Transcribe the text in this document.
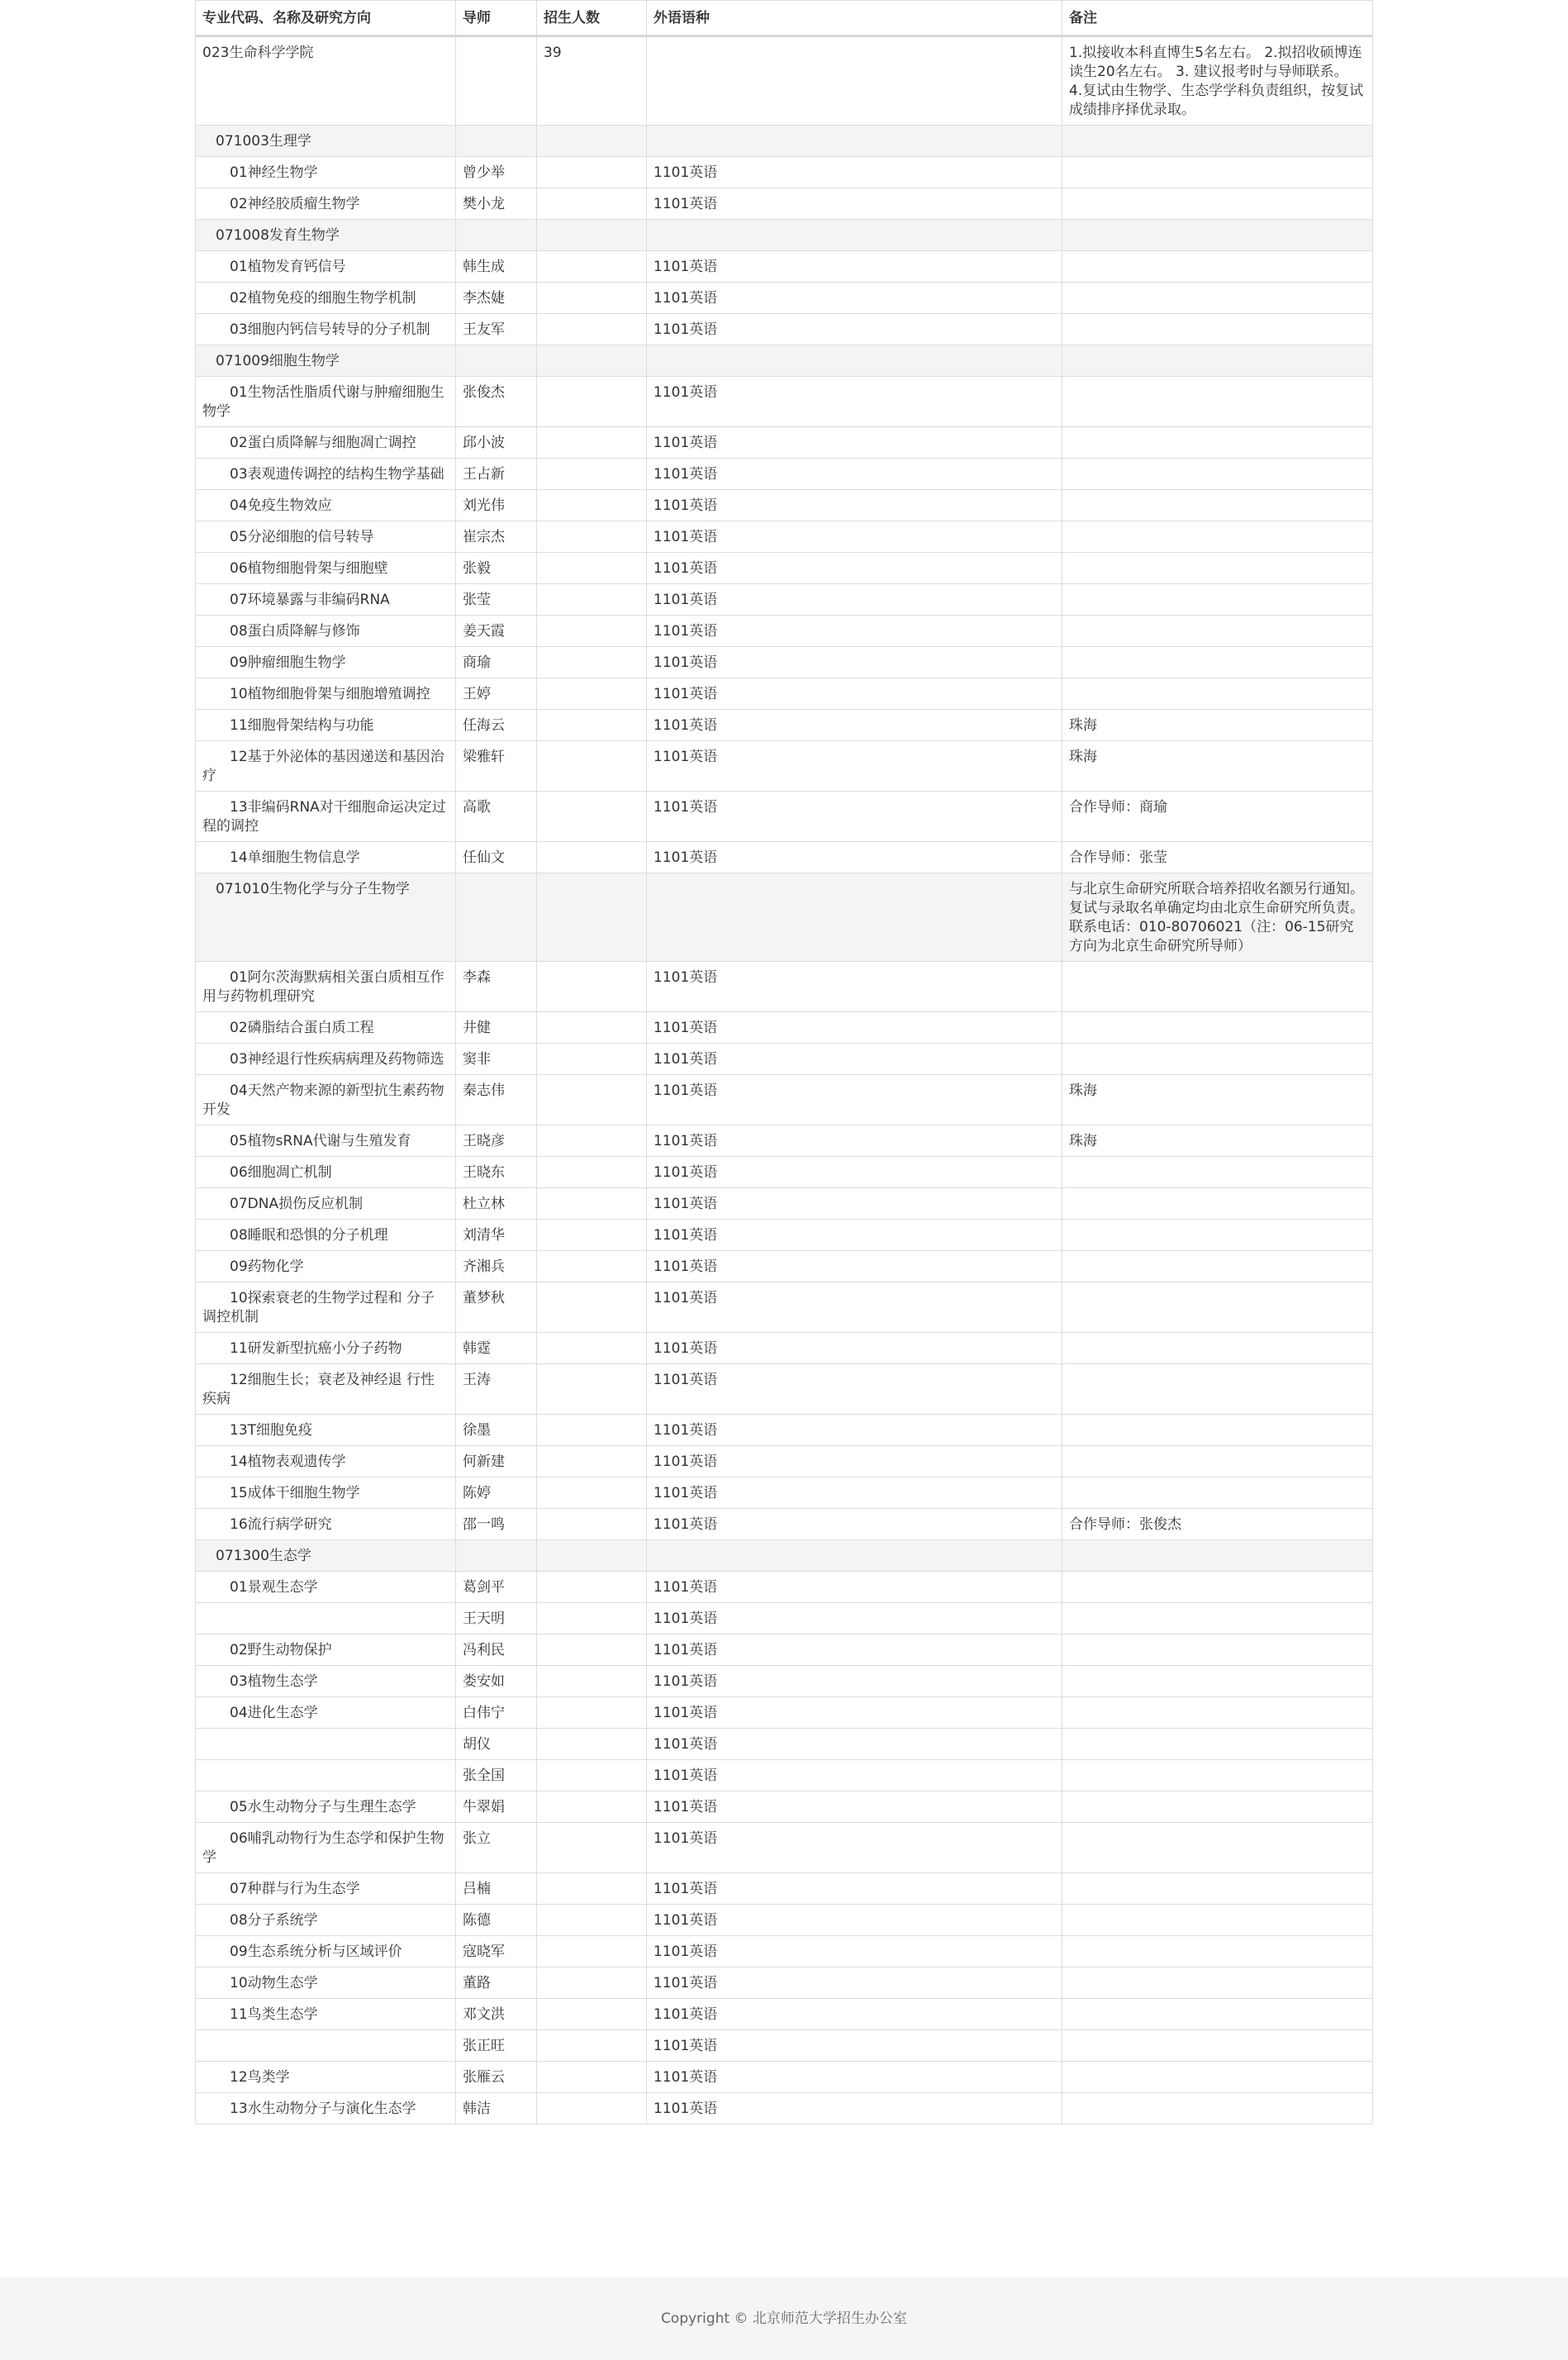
专业代码、名称及研究方向	导师	招生人数	外语语种	备注
023生命科学学院		39		1.拟接收本科直博生5名左右。 2.拟招收硕博连读生20名左右。 3. 建议报考时与导师联系。 4.复试由生物学、生态学学科负责组织，按复试成绩排序择优录取。
071003生理学				
01神经生物学	曾少举		1101英语	
02神经胶质瘤生物学	樊小龙		1101英语	
071008发育生物学				
01植物发育钙信号	韩生成		1101英语	
02植物免疫的细胞生物学机制	李杰婕		1101英语	
03细胞内钙信号转导的分子机制	王友军		1101英语	
071009细胞生物学				
01生物活性脂质代谢与肿瘤细胞生物学	张俊杰		1101英语	
02蛋白质降解与细胞凋亡调控	邱小波		1101英语	
03表观遗传调控的结构生物学基础	王占新		1101英语	
04免疫生物效应	刘光伟		1101英语	
05分泌细胞的信号转导	崔宗杰		1101英语	
06植物细胞骨架与细胞壁	张毅		1101英语	
07环境暴露与非编码RNA	张莹		1101英语	
08蛋白质降解与修饰	姜天霞		1101英语	
09肿瘤细胞生物学	商瑜		1101英语	
10植物细胞骨架与细胞增殖调控	王婷		1101英语	
11细胞骨架结构与功能	任海云		1101英语	珠海
12基于外泌体的基因递送和基因治疗	梁雅轩		1101英语	珠海
13非编码RNA对干细胞命运决定过程的调控	高歌		1101英语	合作导师：商瑜
14单细胞生物信息学	任仙文		1101英语	合作导师：张莹
071010生物化学与分子生物学				与北京生命研究所联合培养招收名额另行通知。复试与录取名单确定均由北京生命研究所负责。联系电话：010-80706021（注：06-15研究方向为北京生命研究所导师）
01阿尔茨海默病相关蛋白质相互作用与药物机理研究	李森		1101英语	
02磷脂结合蛋白质工程	井健		1101英语	
03神经退行性疾病病理及药物筛选	窦非		1101英语	
04天然产物来源的新型抗生素药物开发	秦志伟		1101英语	珠海
05植物sRNA代谢与生殖发育	王晓彦		1101英语	珠海
06细胞凋亡机制	王晓东		1101英语	
07DNA损伤反应机制	杜立林		1101英语	
08睡眠和恐惧的分子机理	刘清华		1101英语	
09药物化学	齐湘兵		1101英语	
10探索衰老的生物学过程和 分子调控机制	董梦秋		1101英语	
11研发新型抗癌小分子药物	韩霆		1101英语	
12细胞生长；衰老及神经退 行性疾病	王涛		1101英语	
13T细胞免疫	徐墨		1101英语	
14植物表观遗传学	何新建		1101英语	
15成体干细胞生物学	陈婷		1101英语	
16流行病学研究	邵一鸣		1101英语	合作导师：张俊杰
071300生态学				
01景观生态学	葛剑平		1101英语	
	王天明		1101英语	
02野生动物保护	冯利民		1101英语	
03植物生态学	娄安如		1101英语	
04进化生态学	白伟宁		1101英语	
	胡仪		1101英语	
	张全国		1101英语	
05水生动物分子与生理生态学	牛翠娟		1101英语	
06哺乳动物行为生态学和保护生物学	张立		1101英语	
07种群与行为生态学	吕楠		1101英语	
08分子系统学	陈德		1101英语	
09生态系统分析与区域评价	寇晓军		1101英语	
10动物生态学	董路		1101英语	
11鸟类生态学	邓文洪		1101英语	
	张正旺		1101英语	
12鸟类学	张雁云		1101英语	
13水生动物分子与演化生态学	韩洁		1101英语	
Copyright © 北京师范大学招生办公室
